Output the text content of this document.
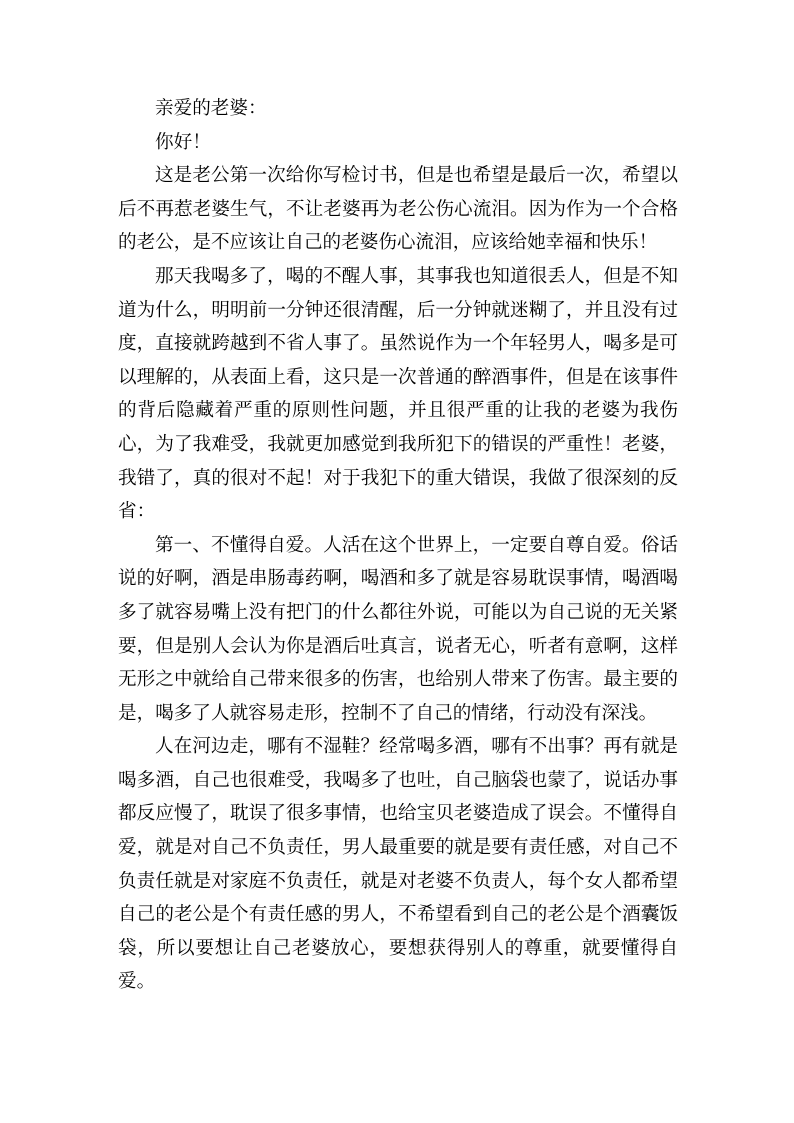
亲爱的老婆：

你好！

这是老公第一次给你写检讨书，但是也希望是最后一次，希望以后不再惹老婆生气，不让老婆再为老公伤心流泪。因为作为一个合格的老公，是不应该让自己的老婆伤心流泪，应该给她幸福和快乐！

那天我喝多了，喝的不醒人事，其事我也知道很丢人，但是不知道为什么，明明前一分钟还很清醒，后一分钟就迷糊了，并且没有过度，直接就跨越到不省人事了。虽然说作为一个年轻男人，喝多是可以理解的，从表面上看，这只是一次普通的醉酒事件，但是在该事件的背后隐藏着严重的原则性问题，并且很严重的让我的老婆为我伤心，为了我难受，我就更加感觉到我所犯下的错误的严重性！老婆，我错了，真的很对不起！对于我犯下的重大错误，我做了很深刻的反省：

第一、不懂得自爱。人活在这个世界上，一定要自尊自爱。俗话说的好啊，酒是串肠毒药啊，喝酒和多了就是容易耽误事情，喝酒喝多了就容易嘴上没有把门的什么都往外说，可能以为自己说的无关紧要，但是别人会认为你是酒后吐真言，说者无心，听者有意啊，这样无形之中就给自己带来很多的伤害，也给别人带来了伤害。最主要的是，喝多了人就容易走形，控制不了自己的情绪，行动没有深浅。

人在河边走，哪有不湿鞋？经常喝多酒，哪有不出事？再有就是喝多酒，自己也很难受，我喝多了也吐，自己脑袋也蒙了，说话办事都反应慢了，耽误了很多事情，也给宝贝老婆造成了误会。不懂得自爱，就是对自己不负责任，男人最重要的就是要有责任感，对自己不负责任就是对家庭不负责任，就是对老婆不负责人，每个女人都希望自己的老公是个有责任感的男人，不希望看到自己的老公是个酒囊饭袋，所以要想让自己老婆放心，要想获得别人的尊重，就要懂得自爱。
